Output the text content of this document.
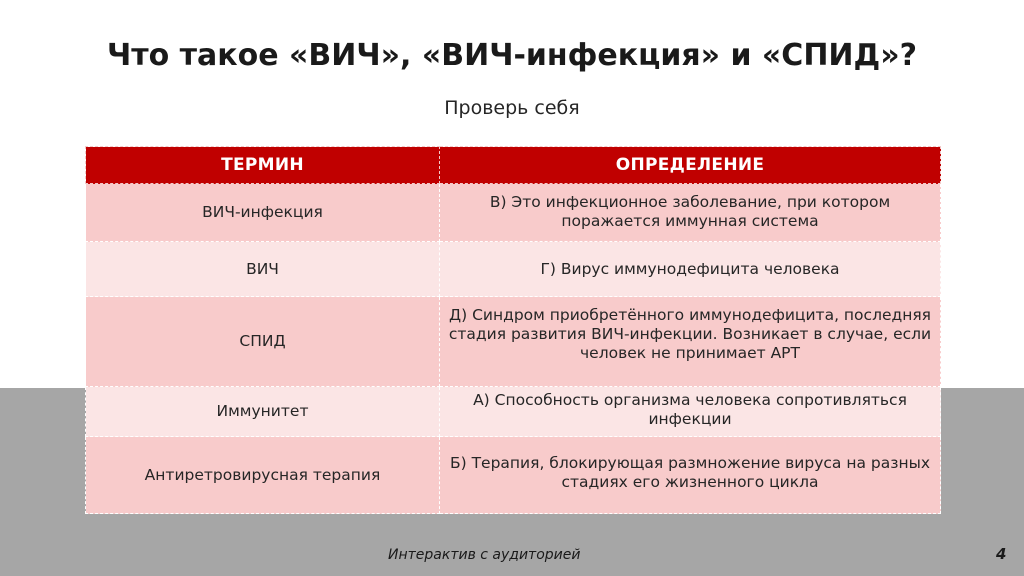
Что такое «ВИЧ», «ВИЧ-инфекция» и «СПИД»?
Проверь себя
ТЕРМИН	ОПРЕДЕЛЕНИЕ
ВИЧ-инфекция	В) Это инфекционное заболевание, при котором поражается иммунная система
ВИЧ	Г) Вирус иммунодефицита человека
СПИД	Д) Синдром приобретённого иммунодефицита, последняя стадия развития ВИЧ-инфекции. Возникает в случае, если человек не принимает АРТ
Иммунитет	А) Способность организма человека сопротивляться инфекции
Антиретровирусная терапия	Б) Терапия, блокирующая размножение вируса на разных стадиях его жизненного цикла
Интерактив с аудиторией	4
